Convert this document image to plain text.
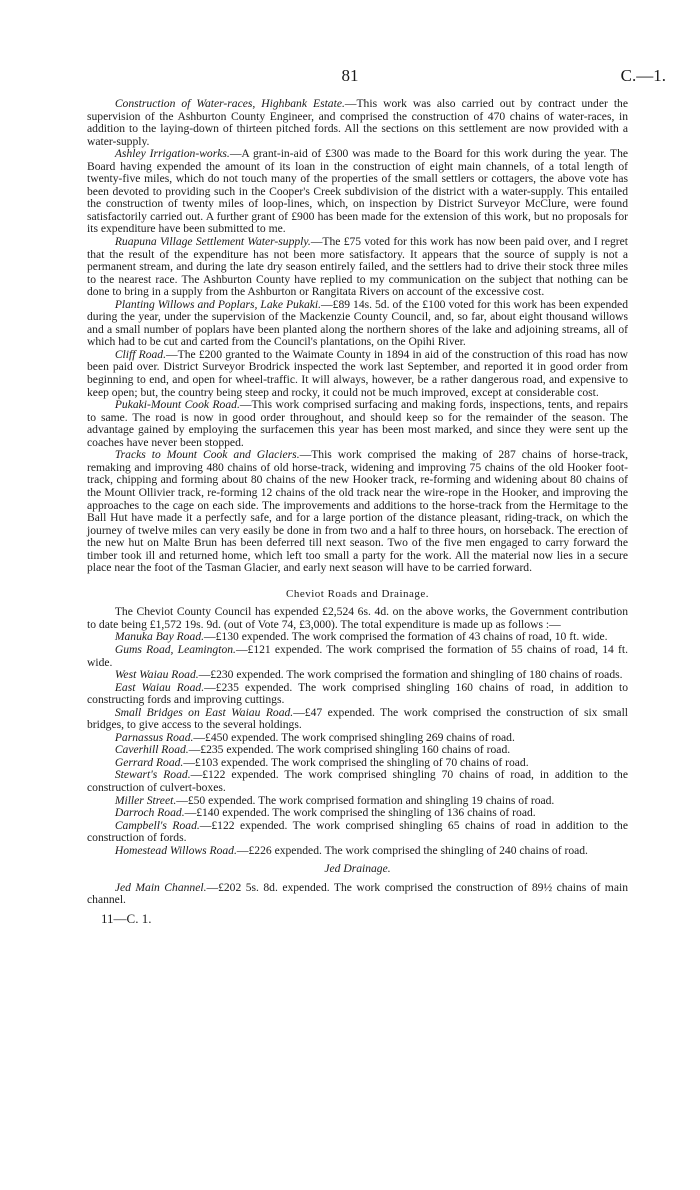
81	C.—1.

Construction of Water-races, Highbank Estate.—This work was also carried out by contract under the supervision of the Ashburton County Engineer, and comprised the construction of 470 chains of water-races, in addition to the laying-down of thirteen pitched fords. All the sections on this settlement are now provided with a water-supply.

Ashley Irrigation-works.—A grant-in-aid of £300 was made to the Board for this work during the year. The Board having expended the amount of its loan in the construction of eight main channels, of a total length of twenty-five miles, which do not touch many of the properties of the small settlers or cottagers, the above vote has been devoted to providing such in the Cooper's Creek subdivision of the district with a water-supply. This entailed the construction of twenty miles of loop-lines, which, on inspection by District Surveyor McClure, were found satisfactorily carried out. A further grant of £900 has been made for the extension of this work, but no proposals for its expenditure have been submitted to me.

Ruapuna Village Settlement Water-supply.—The £75 voted for this work has now been paid over, and I regret that the result of the expenditure has not been more satisfactory. It appears that the source of supply is not a permanent stream, and during the late dry season entirely failed, and the settlers had to drive their stock three miles to the nearest race. The Ashburton County have replied to my communication on the subject that nothing can be done to bring in a supply from the Ashburton or Rangitata Rivers on account of the excessive cost.

Planting Willows and Poplars, Lake Pukaki.—£89 14s. 5d. of the £100 voted for this work has been expended during the year, under the supervision of the Mackenzie County Council, and, so far, about eight thousand willows and a small number of poplars have been planted along the northern shores of the lake and adjoining streams, all of which had to be cut and carted from the Council's plantations, on the Opihi River.

Cliff Road.—The £200 granted to the Waimate County in 1894 in aid of the construction of this road has now been paid over. District Surveyor Brodrick inspected the work last September, and reported it in good order from beginning to end, and open for wheel-traffic. It will always, however, be a rather dangerous road, and expensive to keep open; but, the country being steep and rocky, it could not be much improved, except at considerable cost.

Pukaki-Mount Cook Road.—This work comprised surfacing and making fords, inspections, tents, and repairs to same. The road is now in good order throughout, and should keep so for the remainder of the season. The advantage gained by employing the surfacemen this year has been most marked, and since they were sent up the coaches have never been stopped.

Tracks to Mount Cook and Glaciers.—This work comprised the making of 287 chains of horse-track, remaking and improving 480 chains of old horse-track, widening and improving 75 chains of the old Hooker foot-track, chipping and forming about 80 chains of the new Hooker track, re-forming and widening about 80 chains of the Mount Ollivier track, re-forming 12 chains of the old track near the wire-rope in the Hooker, and improving the approaches to the cage on each side. The improvements and additions to the horse-track from the Hermitage to the Ball Hut have made it a perfectly safe, and for a large portion of the distance pleasant, riding-track, on which the journey of twelve miles can very easily be done in from two and a half to three hours, on horseback. The erection of the new hut on Malte Brun has been deferred till next season. Two of the five men engaged to carry forward the timber took ill and returned home, which left too small a party for the work. All the material now lies in a secure place near the foot of the Tasman Glacier, and early next season will have to be carried forward.

Cheviot Roads and Drainage.

The Cheviot County Council has expended £2,524 6s. 4d. on the above works, the Government contribution to date being £1,572 19s. 9d. (out of Vote 74, £3,000). The total expenditure is made up as follows :—

Manuka Bay Road.—£130 expended. The work comprised the formation of 43 chains of road, 10 ft. wide.

Gums Road, Leamington.—£121 expended. The work comprised the formation of 55 chains of road, 14 ft. wide.

West Waiau Road.—£230 expended. The work comprised the formation and shingling of 180 chains of roads.

East Waiau Road.—£235 expended. The work comprised shingling 160 chains of road, in addition to constructing fords and improving cuttings.

Small Bridges on East Waiau Road.—£47 expended. The work comprised the construction of six small bridges, to give access to the several holdings.

Parnassus Road.—£450 expended. The work comprised shingling 269 chains of road.

Caverhill Road.—£235 expended. The work comprised shingling 160 chains of road.

Gerrard Road.—£103 expended. The work comprised the shingling of 70 chains of road.

Stewart's Road.—£122 expended. The work comprised shingling 70 chains of road, in addition to the construction of culvert-boxes.

Miller Street.—£50 expended. The work comprised formation and shingling 19 chains of road.

Darroch Road.—£140 expended. The work comprised the shingling of 136 chains of road.

Campbell's Road.—£122 expended. The work comprised shingling 65 chains of road in addition to the construction of fords.

Homestead Willows Road.—£226 expended. The work comprised the shingling of 240 chains of road.

Jed Drainage.

Jed Main Channel.—£202 5s. 8d. expended. The work comprised the construction of 89½ chains of main channel.

11—C. 1.
